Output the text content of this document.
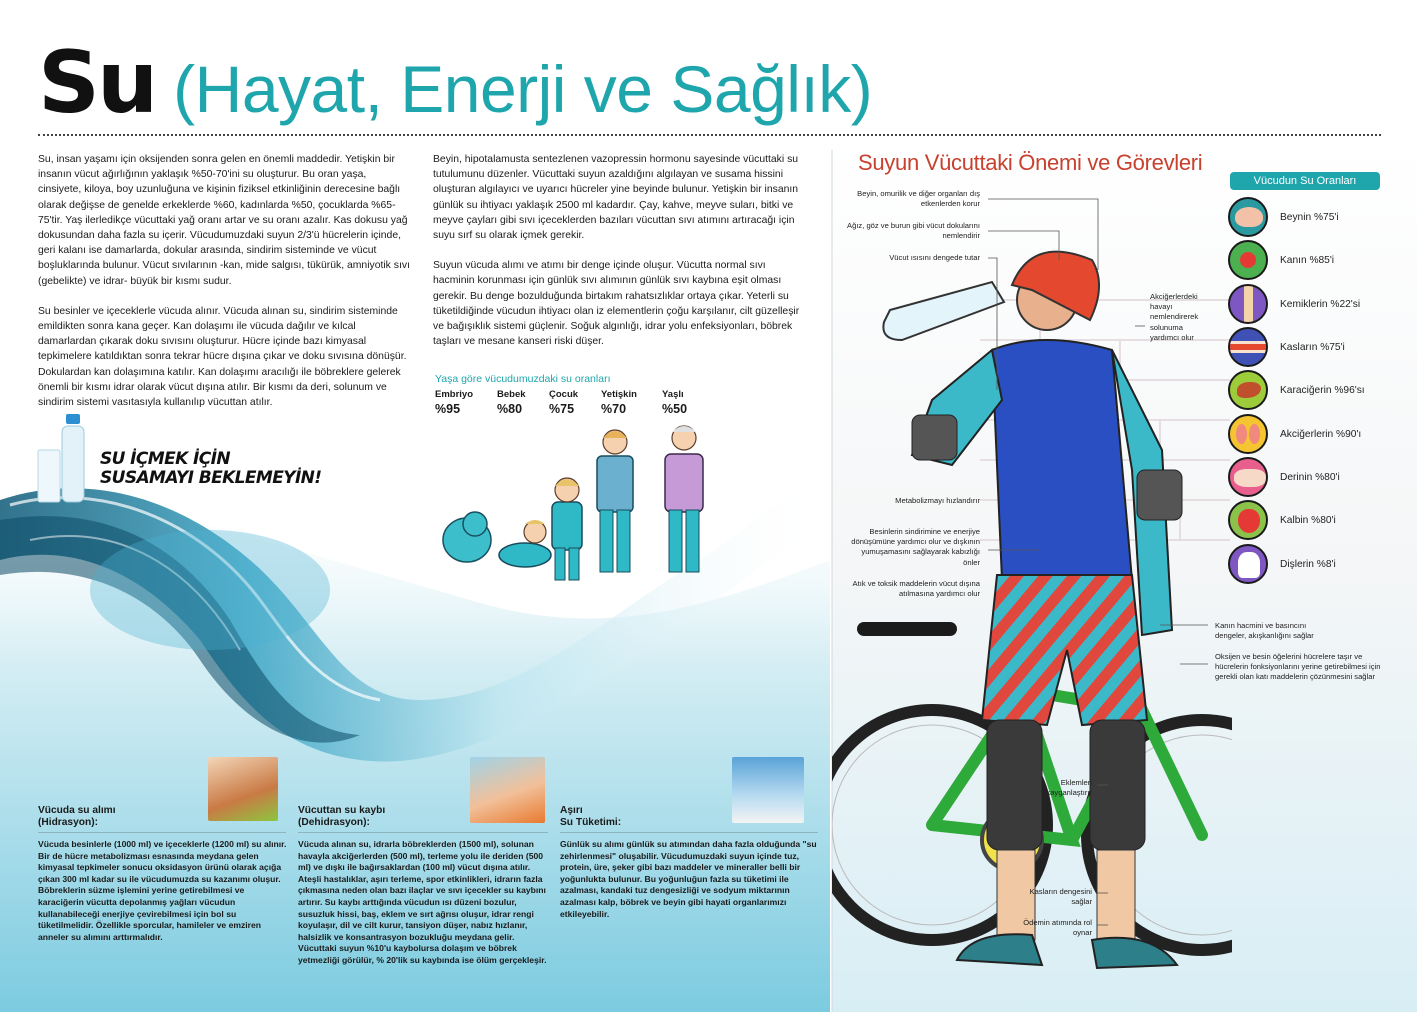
Su (Hayat, Enerji ve Sağlık)

Su, insan yaşamı için oksijenden sonra gelen en önemli maddedir. Yetişkin bir insanın vücut ağırlığının yaklaşık %50-70'ini su oluşturur. Bu oran yaşa, cinsiyete, kiloya, boy uzunluğuna ve kişinin fiziksel etkinliğinin derecesine bağlı olarak değişse de genelde erkeklerde %60, kadınlarda %50, çocuklarda %65-75'tir. Yaş ilerledikçe vücuttaki yağ oranı artar ve su oranı azalır. Kas dokusu yağ dokusundan daha fazla su içerir. Vücudumuzdaki suyun 2/3'ü hücrelerin içinde, geri kalanı ise damarlarda, dokular arasında, sindirim sisteminde ve vücut boşluklarında bulunur. Vücut sıvılarının -kan, mide salgısı, tükürük, amniyotik sıvı (gebelikte) ve idrar- büyük bir kısmı sudur.

Su besinler ve içeceklerle vücuda alınır. Vücuda alınan su, sindirim sisteminde emildikten sonra kana geçer. Kan dolaşımı ile vücuda dağılır ve kılcal damarlardan çıkarak doku sıvısını oluşturur. Hücre içinde bazı kimyasal tepkimelere katıldıktan sonra tekrar hücre dışına çıkar ve doku sıvısına dönüşür. Dokulardan kan dolaşımına katılır. Kan dolaşımı aracılığı ile böbreklere gelerek önemli bir kısmı idrar olarak vücut dışına atılır. Bir kısmı da deri, solunum ve sindirim sistemi vasıtasıyla kullanılıp vücuttan atılır.

Beyin, hipotalamusta sentezlenen vazopressin hormonu sayesinde vücuttaki su tutulumunu düzenler. Vücuttaki suyun azaldığını algılayan ve susama hissini oluşturan algılayıcı ve uyarıcı hücreler yine beyinde bulunur. Yetişkin bir insanın günlük su ihtiyacı yaklaşık 2500 ml kadardır. Çay, kahve, meyve suları, bitki ve meyve çayları gibi sıvı içeceklerden bazıları vücuttan sıvı atımını artıracağı için suyu sırf su olarak içmek gerekir.

Suyun vücuda alımı ve atımı bir denge içinde oluşur. Vücutta normal sıvı hacminin korunması için günlük sıvı alımının günlük sıvı kaybına eşit olması gerekir. Bu denge bozulduğunda birtakım rahatsızlıklar ortaya çıkar. Yeterli su tüketildiğinde vücudun ihtiyacı olan iz elementlerin çoğu karşılanır, cilt güzelleşir ve bağışıklık sistemi güçlenir. Soğuk algınlığı, idrar yolu enfeksiyonları, böbrek taşları ve mesane kanseri riski düşer.

Yaşa göre vücudumuzdaki su oranları
Embriyo
%95
Bebek
%80
Çocuk
%75
Yetişkin
%70
Yaşlı
%50
SU İÇMEK İÇİN
SUSAMAYI BEKLEMEYİN!
Vücuda su alımı
(Hidrasyon):
Vücuda besinlerle (1000 ml) ve içeceklerle (1200 ml) su alınır. Bir de hücre metabolizması esnasında meydana gelen kimyasal tepkimeler sonucu oksidasyon ürünü olarak açığa çıkan 300 ml kadar su ile vücudumuzda su kazanımı oluşur. Böbreklerin süzme işlemini yerine getirebilmesi ve karaciğerin vücutta depolanmış yağları vücudun kullanabileceği enerjiye çevirebilmesi için bol su tüketilmelidir. Özellikle sporcular, hamileler ve emziren anneler su alımını arttırmalıdır.
Vücuttan su kaybı
(Dehidrasyon):
Vücuda alınan su, idrarla böbreklerden (1500 ml), solunan havayla akciğerlerden (500 ml), terleme yolu ile deriden (500 ml) ve dışkı ile bağırsaklardan (100 ml) vücut dışına atılır. Ateşli hastalıklar, aşırı terleme, spor etkinlikleri, idrarın fazla çıkmasına neden olan bazı ilaçlar ve sıvı içecekler su kaybını artırır. Su kaybı arttığında vücudun ısı düzeni bozulur, susuzluk hissi, baş, eklem ve sırt ağrısı oluşur, idrar rengi koyulaşır, dil ve cilt kurur, tansiyon düşer, nabız hızlanır, halsizlik ve konsantrasyon bozukluğu meydana gelir. Vücuttaki suyun %10'u kaybolursa dolaşım ve böbrek yetmezliği görülür, % 20'lik su kaybında ise ölüm gerçekleşir.
Aşırı
Su Tüketimi:
Günlük su alımı günlük su atımından daha fazla olduğunda "su zehirlenmesi" oluşabilir. Vücudumuzdaki suyun içinde tuz, protein, üre, şeker gibi bazı maddeler ve mineraller belli bir yoğunlukta bulunur. Bu yoğunluğun fazla su tüketimi ile azalması, kandaki tuz dengesizliği ve sodyum miktarının azalması kalp, böbrek ve beyin gibi hayati organlarımızı etkileyebilir.
Suyun Vücuttaki Önemi ve Görevleri
Beyin, omurilik ve diğer organları dış etkenlerden korur
Ağız, göz ve burun gibi vücut dokularını nemlendirir
Vücut ısısını dengede tutar
Metabolizmayı hızlandırır
Besinlerin sindirimine ve enerjiye dönüşümüne yardımcı olur ve dışkının yumuşamasını sağlayarak kabızlığı önler
Atık ve toksik maddelerin vücut dışına atılmasına yardımcı olur
Eklemleri kayganlaştırır
Kasların dengesini sağlar
Ödemin atımında rol oynar
Akciğerlerdeki havayı nemlendirerek solunuma yardımcı olur
Kanın hacmini ve basıncını dengeler, akışkanlığını sağlar
Oksijen ve besin öğelerini hücrelere taşır ve hücrelerin fonksiyonlarını yerine getirebilmesi için gerekli olan katı maddelerin çözünmesini sağlar
Vücudun Su Oranları
Beynin %75'i
Kanın %85'i
Kemiklerin %22'si
Kasların %75'i
Karaciğerin %96'sı
Akciğerlerin %90'ı
Derinin %80'i
Kalbin %80'i
Dişlerin %8'i
